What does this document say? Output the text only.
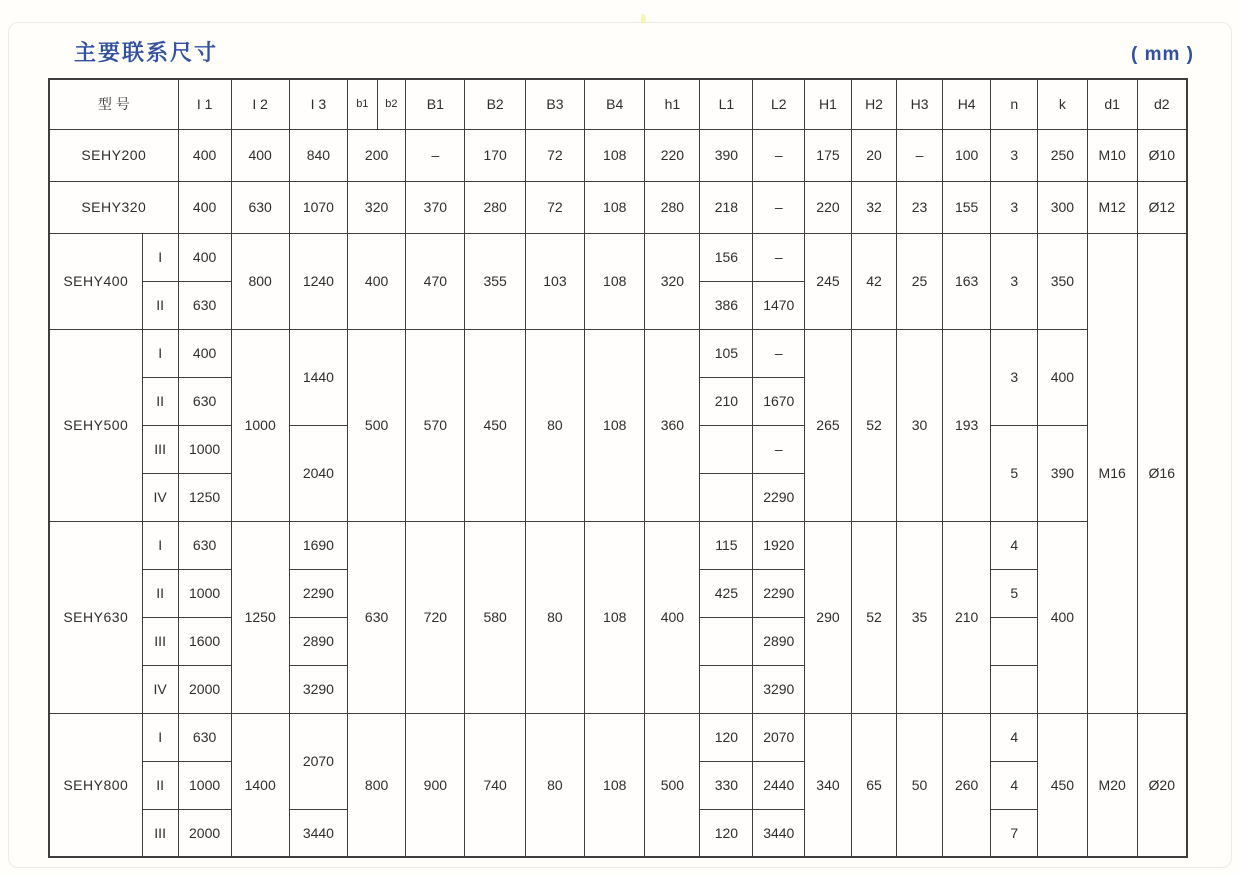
主要联系尺寸	( mm )
型 号		I 1	I 2	I 3	b1	b2	B1	B2	B3	B4	h1	L1	L2	H1	H2	H3	H4	n	k	d1	d2
SEHY200		400	400	840	200		–	170	72	108	220	390	–	175	20	–	100	3	250	M10	Ø10
SEHY320		400	630	1070	320		370	280	72	108	280	218	–	220	32	23	155	3	300	M12	Ø12
SEHY400	I	400	800	1240	400		470	355	103	108	320	156	–	245	42	25	163	3	350	M16	Ø16
	II	630										386	1470								
SEHY500	I	400	1000	1440	500		570	450	80	108	360	105	–	265	52	30	193	3	400		
	II	630										210	1670								
	III	1000		2040									–					5	390		
	IV	1250											2290								
SEHY630	I	630	1250	1690	630		720	580	80	108	400	115	1920	290	52	35	210	4	400		
	II	1000		2290								425	2290					5			
	III	1600		2890									2890								
	IV	2000		3290									3290								
SEHY800	I	630	1400	2070	800		900	740	80	108	500	120	2070	340	65	50	260	4	450	M20	Ø20
	II	1000										330	2440					4			
	III	2000		3440								120	3440					7			
